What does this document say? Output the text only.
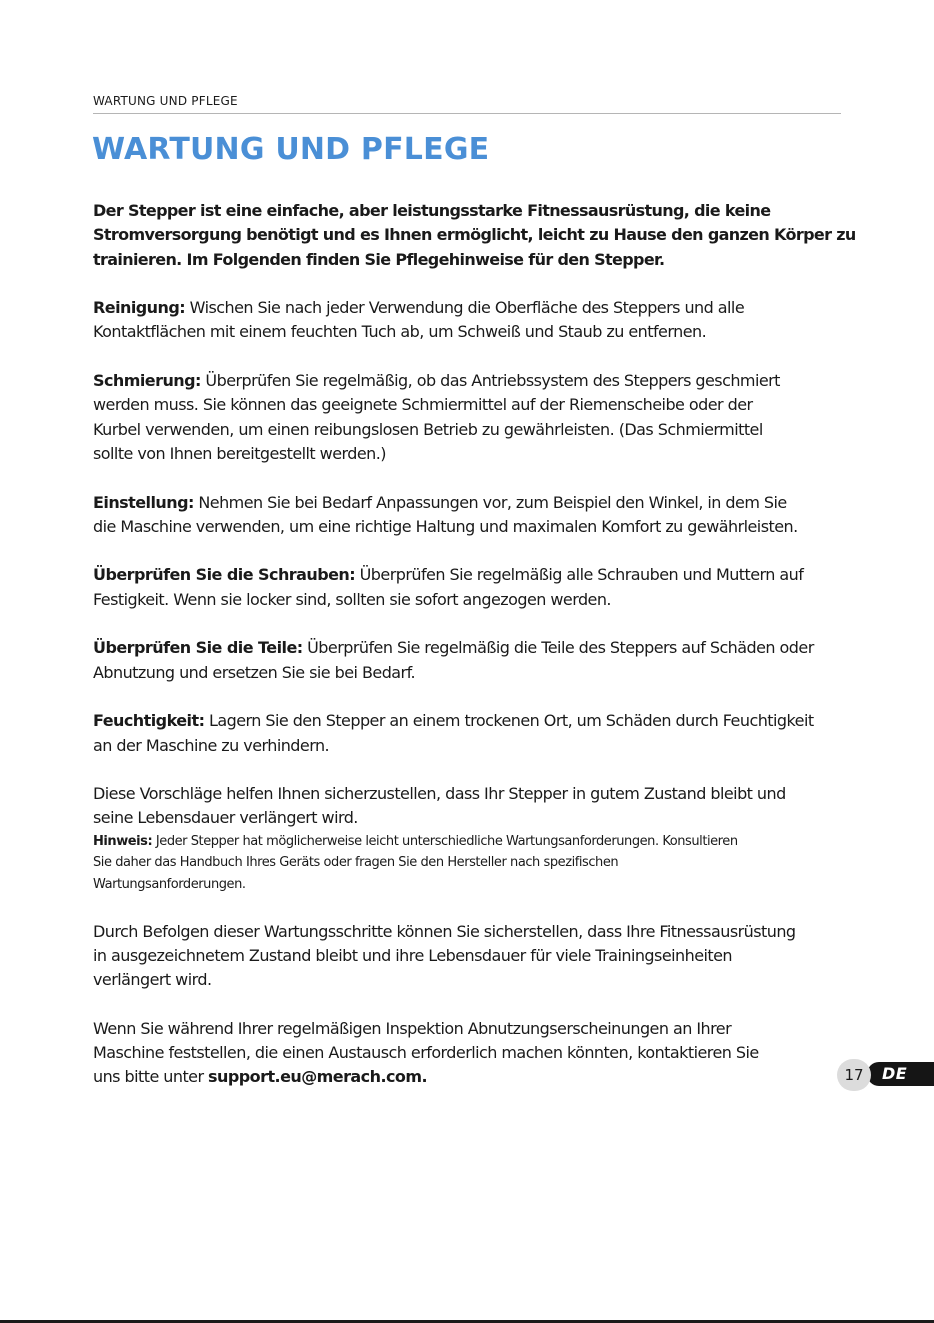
WARTUNG UND PFLEGE
WARTUNG UND PFLEGE

Der Stepper ist eine einfache, aber leistungsstarke Fitnessausrüstung, die keine
Stromversorgung benötigt und es Ihnen ermöglicht, leicht zu Hause den ganzen Körper zu
trainieren. Im Folgenden finden Sie Pflegehinweise für den Stepper.

Reinigung: Wischen Sie nach jeder Verwendung die Oberfläche des Steppers und alle
Kontaktflächen mit einem feuchten Tuch ab, um Schweiß und Staub zu entfernen.

Schmierung: Überprüfen Sie regelmäßig, ob das Antriebssystem des Steppers geschmiert
werden muss. Sie können das geeignete Schmiermittel auf der Riemenscheibe oder der
Kurbel verwenden, um einen reibungslosen Betrieb zu gewährleisten. (Das Schmiermittel
sollte von Ihnen bereitgestellt werden.)

Einstellung: Nehmen Sie bei Bedarf Anpassungen vor, zum Beispiel den Winkel, in dem Sie
die Maschine verwenden, um eine richtige Haltung und maximalen Komfort zu gewährleisten.

Überprüfen Sie die Schrauben: Überprüfen Sie regelmäßig alle Schrauben und Muttern auf
Festigkeit. Wenn sie locker sind, sollten sie sofort angezogen werden.

Überprüfen Sie die Teile: Überprüfen Sie regelmäßig die Teile des Steppers auf Schäden oder
Abnutzung und ersetzen Sie sie bei Bedarf.

Feuchtigkeit: Lagern Sie den Stepper an einem trockenen Ort, um Schäden durch Feuchtigkeit
an der Maschine zu verhindern.

Diese Vorschläge helfen Ihnen sicherzustellen, dass Ihr Stepper in gutem Zustand bleibt und
seine Lebensdauer verlängert wird.

Hinweis: Jeder Stepper hat möglicherweise leicht unterschiedliche Wartungsanforderungen. Konsultieren
Sie daher das Handbuch Ihres Geräts oder fragen Sie den Hersteller nach spezifischen
Wartungsanforderungen.

Durch Befolgen dieser Wartungsschritte können Sie sicherstellen, dass Ihre Fitnessausrüstung
in ausgezeichnetem Zustand bleibt und ihre Lebensdauer für viele Trainingseinheiten
verlängert wird.

Wenn Sie während Ihrer regelmäßigen Inspektion Abnutzungserscheinungen an Ihrer
Maschine feststellen, die einen Austausch erforderlich machen könnten, kontaktieren Sie
uns bitte unter support.eu@merach.com.	DE
17
